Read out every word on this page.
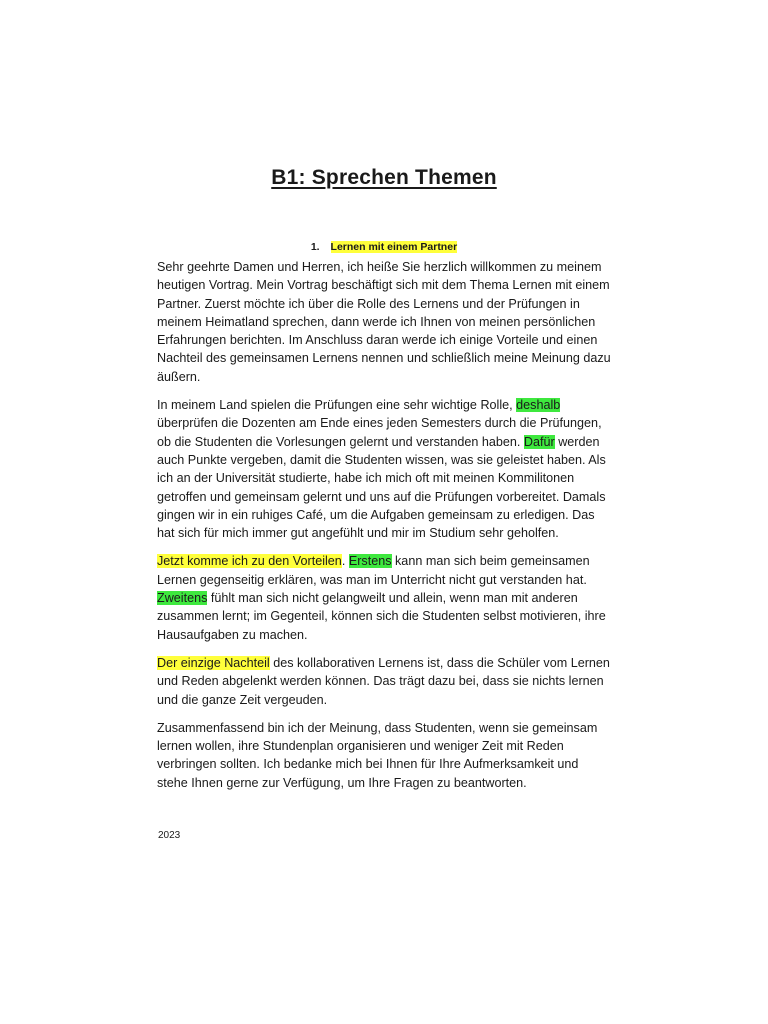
B1: Sprechen Themen
1. Lernen mit einem Partner

Sehr geehrte Damen und Herren, ich heiße Sie herzlich willkommen zu meinem heutigen Vortrag. Mein Vortrag beschäftigt sich mit dem Thema Lernen mit einem Partner. Zuerst möchte ich über die Rolle des Lernens und der Prüfungen in meinem Heimatland sprechen, dann werde ich Ihnen von meinen persönlichen Erfahrungen berichten. Im Anschluss daran werde ich einige Vorteile und einen Nachteil des gemeinsamen Lernens nennen und schließlich meine Meinung dazu äußern.

In meinem Land spielen die Prüfungen eine sehr wichtige Rolle, deshalb überprüfen die Dozenten am Ende eines jeden Semesters durch die Prüfungen, ob die Studenten die Vorlesungen gelernt und verstanden haben. Dafür werden auch Punkte vergeben, damit die Studenten wissen, was sie geleistet haben. Als ich an der Universität studierte, habe ich mich oft mit meinen Kommilitonen getroffen und gemeinsam gelernt und uns auf die Prüfungen vorbereitet. Damals gingen wir in ein ruhiges Café, um die Aufgaben gemeinsam zu erledigen. Das hat sich für mich immer gut angefühlt und mir im Studium sehr geholfen.

Jetzt komme ich zu den Vorteilen. Erstens kann man sich beim gemeinsamen Lernen gegenseitig erklären, was man im Unterricht nicht gut verstanden hat. Zweitens fühlt man sich nicht gelangweilt und allein, wenn man mit anderen zusammen lernt; im Gegenteil, können sich die Studenten selbst motivieren, ihre Hausaufgaben zu machen.

Der einzige Nachteil des kollaborativen Lernens ist, dass die Schüler vom Lernen und Reden abgelenkt werden können. Das trägt dazu bei, dass sie nichts lernen und die ganze Zeit vergeuden.

Zusammenfassend bin ich der Meinung, dass Studenten, wenn sie gemeinsam lernen wollen, ihre Stundenplan organisieren und weniger Zeit mit Reden verbringen sollten. Ich bedanke mich bei Ihnen für Ihre Aufmerksamkeit und stehe Ihnen gerne zur Verfügung, um Ihre Fragen zu beantworten.

2023
